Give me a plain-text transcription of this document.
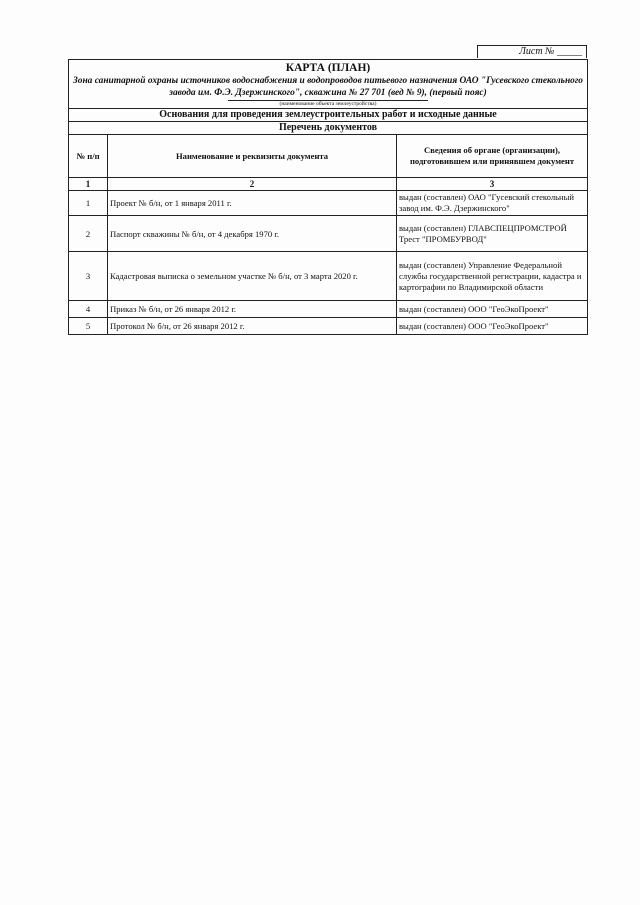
Лист № _____
КАРТА (ПЛАН)
Зона санитарной охраны источников водоснабжения и водопроводов питьевого назначения ОАО "Гусевского стекольного завода им. Ф.Э. Дзержинского", скважина № 27 701 (вед № 9), (первый пояс)
(наименование объекта землеустройства)
Основания для проведения землеустроительных работ и исходные данные
Перечень документов
№ п/п	Наименование и реквизиты документа	Сведения об органе (организации), подготовившем или принявшем документ
1	2	3
1	Проект № б/н, от 1 января 2011 г.	выдан (составлен) ОАО "Гусевский стекольный завод им. Ф.Э. Дзержинского"
2	Паспорт скважины № б/н, от 4 декабря 1970 г.	выдан (составлен) ГЛАВСПЕЦПРОМСТРОЙ Трест "ПРОМБУРВОД"
3	Кадастровая выписка о земельном участке № б/н, от 3 марта 2020 г.	выдан (составлен) Управление Федеральной службы государственной регистрации, кадастра и картографии по Владимирской области
4	Приказ № б/н, от 26 января 2012 г.	выдан (составлен) ООО "ГеоЭкоПроект"
5	Протокол № б/н, от 26 января 2012 г.	выдан (составлен) ООО "ГеоЭкоПроект"
